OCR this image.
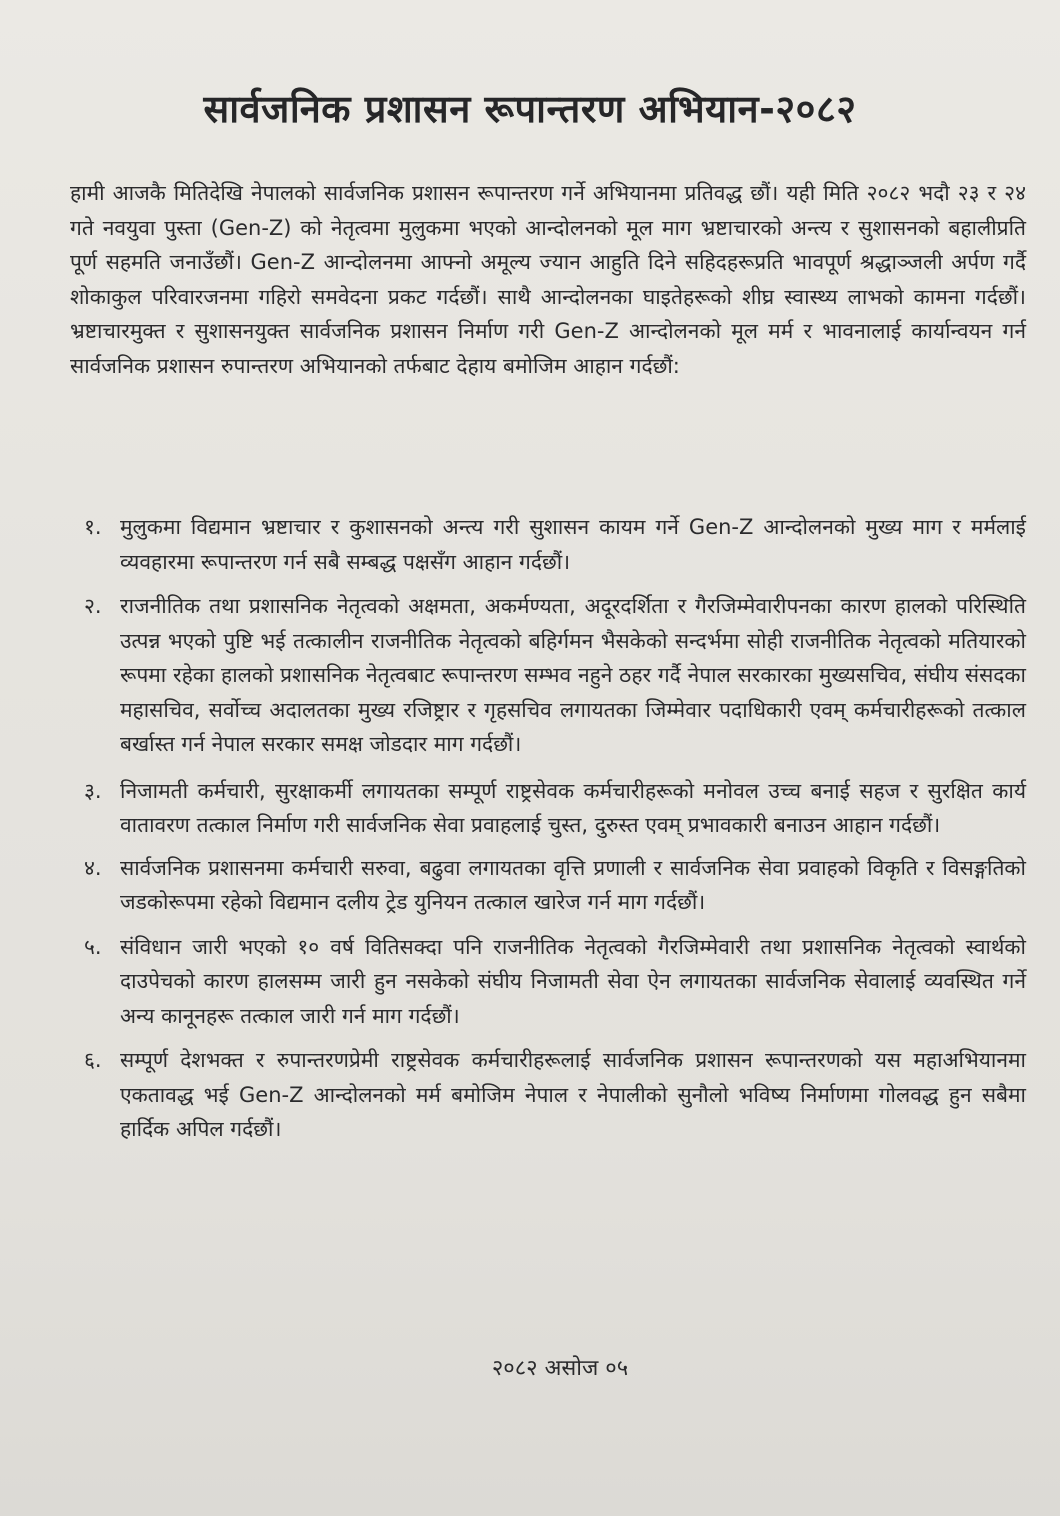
सार्वजनिक प्रशासन रूपान्तरण अभियान-२०८२

हामी आजकै मितिदेखि नेपालको सार्वजनिक प्रशासन रूपान्तरण गर्ने अभियानमा प्रतिवद्ध छौं। यही मिति २०८२ भदौ २३ र २४ गते नवयुवा पुस्ता (Gen-Z) को नेतृत्वमा मुलुकमा भएको आन्दोलनको मूल माग भ्रष्टाचारको अन्त्य र सुशासनको बहालीप्रति पूर्ण सहमति जनाउँछौं। Gen-Z आन्दोलनमा आफ्नो अमूल्य ज्यान आहुति दिने सहिदहरूप्रति भावपूर्ण श्रद्धाञ्जली अर्पण गर्दै शोकाकुल परिवारजनमा गहिरो समवेदना प्रकट गर्दछौं। साथै आन्दोलनका घाइतेहरूको शीघ्र स्वास्थ्य लाभको कामना गर्दछौं। भ्रष्टाचारमुक्त र सुशासनयुक्त सार्वजनिक प्रशासन निर्माण गरी Gen-Z आन्दोलनको मूल मर्म र भावनालाई कार्यान्वयन गर्न सार्वजनिक प्रशासन रुपान्तरण अभियानको तर्फबाट देहाय बमोजिम आहान गर्दछौं:

१. मुलुकमा विद्यमान भ्रष्टाचार र कुशासनको अन्त्य गरी सुशासन कायम गर्ने Gen-Z आन्दोलनको मुख्य माग र मर्मलाई व्यवहारमा रूपान्तरण गर्न सबै सम्बद्ध पक्षसँग आहान गर्दछौं।
२. राजनीतिक तथा प्रशासनिक नेतृत्वको अक्षमता, अकर्मण्यता, अदूरदर्शिता र गैरजिम्मेवारीपनका कारण हालको परिस्थिति उत्पन्न भएको पुष्टि भई तत्कालीन राजनीतिक नेतृत्वको बहिर्गमन भैसकेको सन्दर्भमा सोही राजनीतिक नेतृत्वको मतियारको रूपमा रहेका हालको प्रशासनिक नेतृत्वबाट रूपान्तरण सम्भव नहुने ठहर गर्दै नेपाल सरकारका मुख्यसचिव, संघीय संसदका महासचिव, सर्वोच्च अदालतका मुख्य रजिष्ट्रार र गृहसचिव लगायतका जिम्मेवार पदाधिकारी एवम् कर्मचारीहरूको तत्काल बर्खास्त गर्न नेपाल सरकार समक्ष जोडदार माग गर्दछौं।
३. निजामती कर्मचारी, सुरक्षाकर्मी लगायतका सम्पूर्ण राष्ट्रसेवक कर्मचारीहरूको मनोवल उच्च बनाई सहज र सुरक्षित कार्य वातावरण तत्काल निर्माण गरी सार्वजनिक सेवा प्रवाहलाई चुस्त, दुरुस्त एवम् प्रभावकारी बनाउन आहान गर्दछौं।
४. सार्वजनिक प्रशासनमा कर्मचारी सरुवा, बढुवा लगायतका वृत्ति प्रणाली र सार्वजनिक सेवा प्रवाहको विकृति र विसङ्गतिको जडकोरूपमा रहेको विद्यमान दलीय ट्रेड युनियन तत्काल खारेज गर्न माग गर्दछौं।
५. संविधान जारी भएको १० वर्ष वितिसक्दा पनि राजनीतिक नेतृत्वको गैरजिम्मेवारी तथा प्रशासनिक नेतृत्वको स्वार्थको दाउपेचको कारण हालसम्म जारी हुन नसकेको संघीय निजामती सेवा ऐन लगायतका सार्वजनिक सेवालाई व्यवस्थित गर्ने अन्य कानूनहरू तत्काल जारी गर्न माग गर्दछौं।
६. सम्पूर्ण देशभक्त र रुपान्तरणप्रेमी राष्ट्रसेवक कर्मचारीहरूलाई सार्वजनिक प्रशासन रूपान्तरणको यस महाअभियानमा एकतावद्ध भई Gen-Z आन्दोलनको मर्म बमोजिम नेपाल र नेपालीको सुनौलो भविष्य निर्माणमा गोलवद्ध हुन सबैमा हार्दिक अपिल गर्दछौं।
२०८२ असोज ०५
